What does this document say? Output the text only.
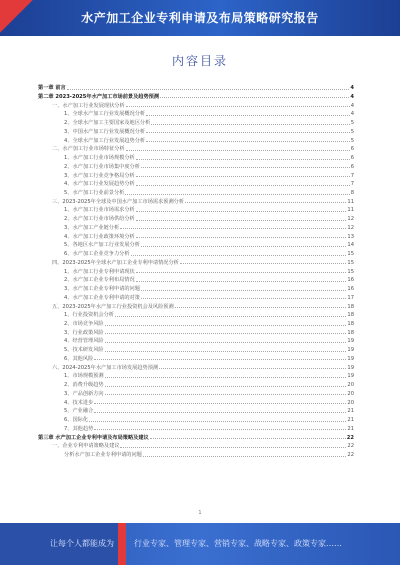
水产加工企业专利申请及布局策略研究报告
内容目录
第一章 前言	4
第二章 2023-2025年水产加工市场前景及趋势预测	4
一、水产加工行业发展现状分析	4
1、全球水产加工行业发展概况分析	4
2、全球水产加工主要国家及地区分析	5
3、中国水产加工行业发展概况分析	5
4、全球水产加工行业发展趋势分析	5
二、水产加工行业市场特征分析	6
1、水产加工行业市场规模分析	6
2、水产加工行业市场集中度分析	6
3、水产加工行业竞争格局分析	7
4、水产加工行业发展趋势分析	7
5、水产加工行业前景分析	8
三、2023-2025年全球及中国水产加工市场需求预测分析	11
1、水产加工行业市场需求分析	11
2、水产加工行业市场供给分析	12
3、水产加工产业链分析	12
4、水产加工行业政策环境分析	13
5、各地区水产加工行业发展分析	14
6、水产加工企业竞争力分析	15
四、2023-2025年全球水产加工企业专利申请情况分析	15
1、水产加工行业专利申请现状	15
2、水产加工企业专利布局情况	16
3、水产加工企业专利申请的问题	16
4、水产加工企业专利申请的对策	17
五、2023-2025年水产加工行业投资机会及风险预测	18
1、行业投资机会分析	18
2、市场竞争风险	18
3、行业政策风险	18
4、经营管理风险	19
5、技术研发风险	19
6、其他风险	19
六、2024-2025年水产加工市场发展趋势预测	19
1、市场规模预测	19
2、消费升级趋势	20
3、产品创新方向	20
4、技术进步	20
5、产业融合	21
6、国际化	21
7、其他趋势	21
第三章 水产加工企业专利申请及布局策略及建议	22
一、企业专利申请策略及建议	22
分析水产加工企业专利申请的问题	22
1
让每个人都能成为	行业专家、管理专家、营销专家、战略专家、政策专家……
